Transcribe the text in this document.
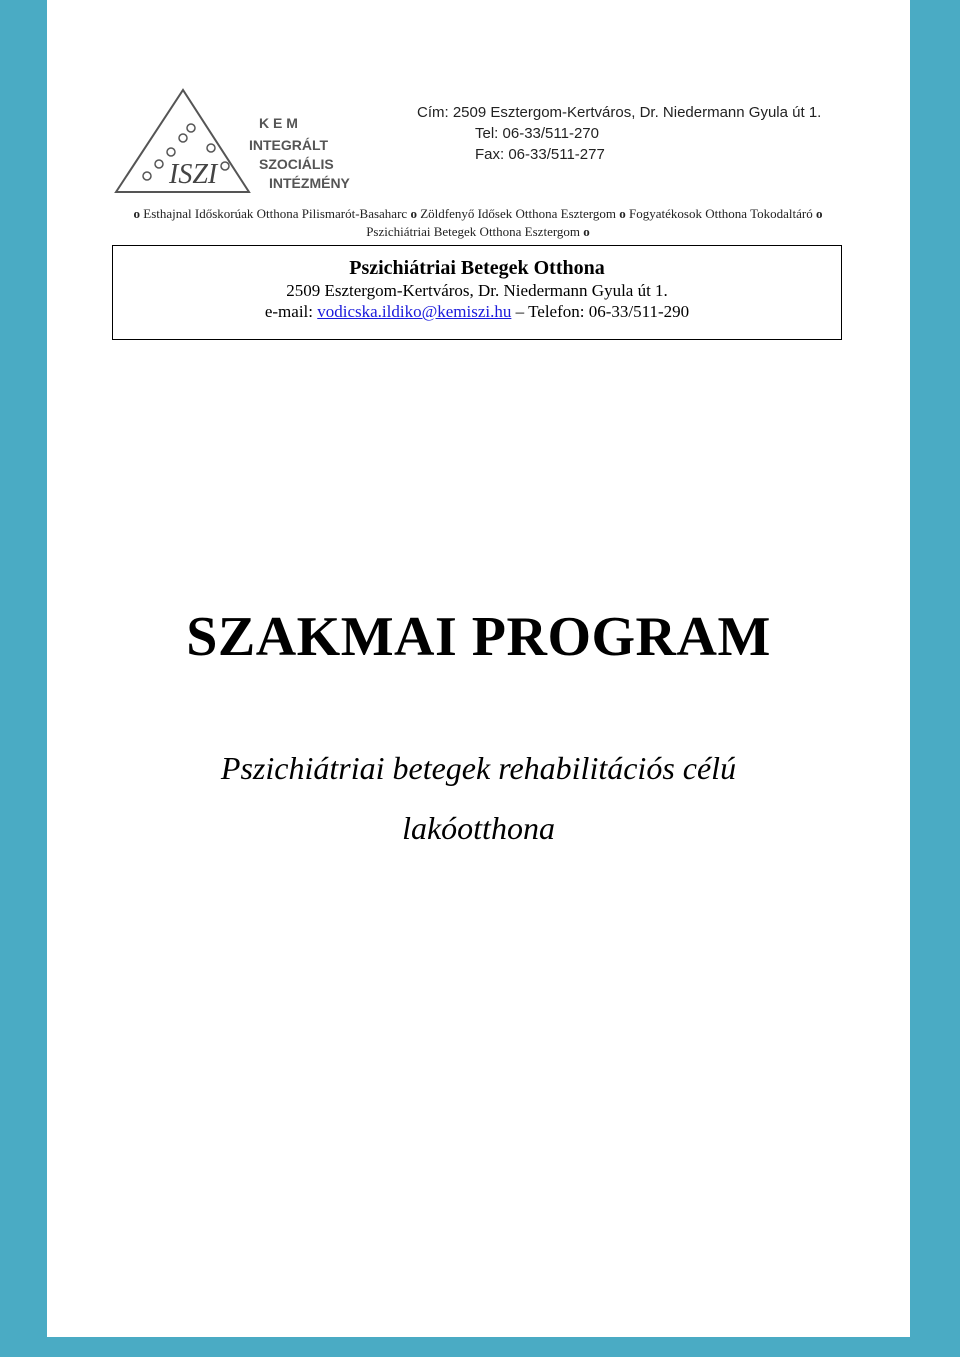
ISZI
K E M
INTEGRÁLT
SZOCIÁLIS
INTÉZMÉNY
Cím: 2509 Esztergom-Kertváros, Dr. Niedermann Gyula út 1.
Tel: 06-33/511-270
Fax: 06-33/511-277
o Esthajnal Időskorúak Otthona Pilismarót-Basaharc o Zöldfenyő Idősek Otthona Esztergom o Fogyatékosok Otthona Tokodaltáró o Pszichiátriai Betegek Otthona Esztergom o
Pszichiátriai Betegek Otthona
2509 Esztergom-Kertváros, Dr. Niedermann Gyula út 1.
e-mail: vodicska.ildiko@kemiszi.hu – Telefon: 06-33/511-290
SZAKMAI PROGRAM
Pszichiátriai betegek rehabilitációs célú
lakóotthona
